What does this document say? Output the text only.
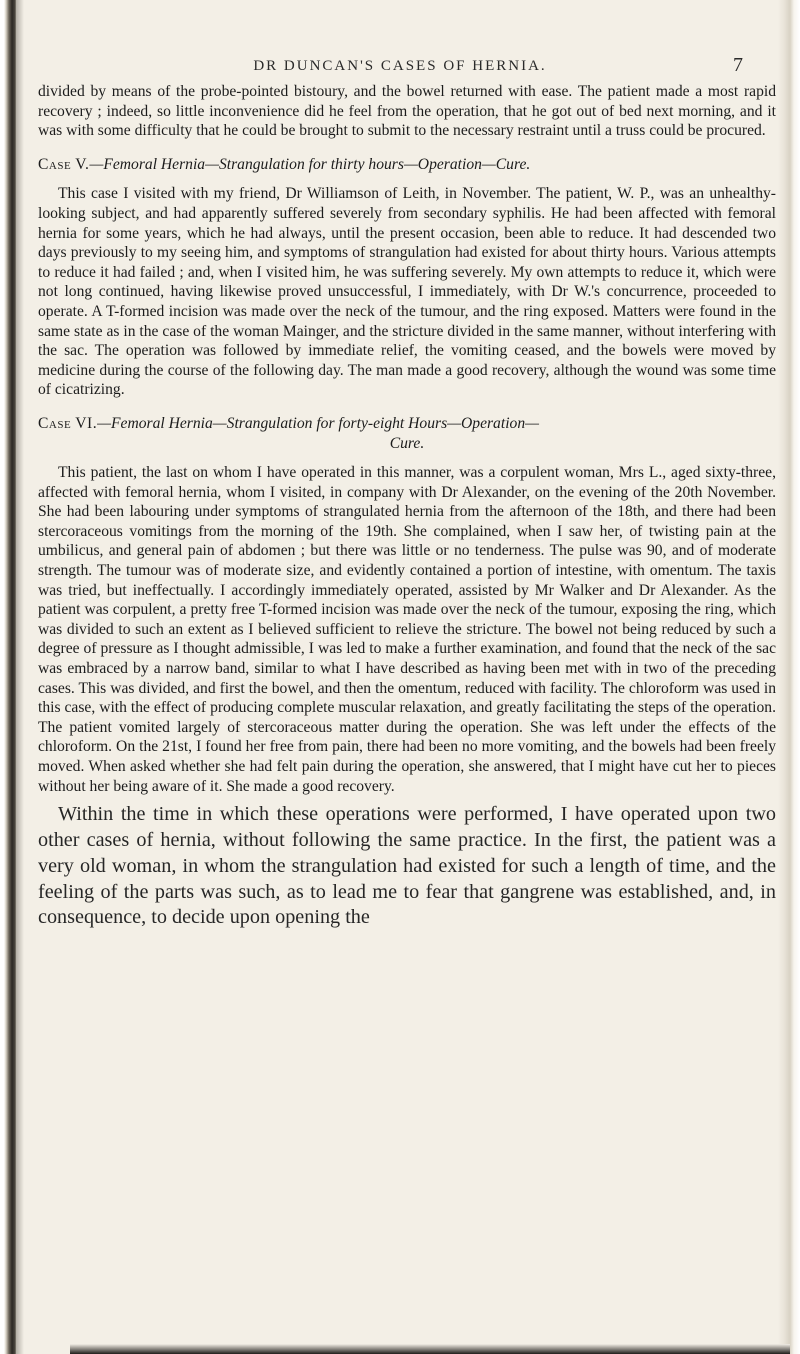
DR DUNCAN'S CASES OF HERNIA.	7

divided by means of the probe-pointed bistoury, and the bowel returned with ease. The patient made a most rapid recovery ; indeed, so little inconvenience did he feel from the operation, that he got out of bed next morning, and it was with some difficulty that he could be brought to submit to the necessary restraint until a truss could be procured.

Case V.—Femoral Hernia—Strangulation for thirty hours—Operation—Cure.

This case I visited with my friend, Dr Williamson of Leith, in November. The patient, W. P., was an unhealthy-looking subject, and had apparently suffered severely from secondary syphilis. He had been affected with femoral hernia for some years, which he had always, until the present occasion, been able to reduce. It had descended two days previously to my seeing him, and symptoms of strangulation had existed for about thirty hours. Various attempts to reduce it had failed ; and, when I visited him, he was suffering severely. My own attempts to reduce it, which were not long continued, having likewise proved unsuccessful, I immediately, with Dr W.'s concurrence, proceeded to operate. A T-formed incision was made over the neck of the tumour, and the ring exposed. Matters were found in the same state as in the case of the woman Mainger, and the stricture divided in the same manner, without interfering with the sac. The operation was followed by immediate relief, the vomiting ceased, and the bowels were moved by medicine during the course of the following day. The man made a good recovery, although the wound was some time of cicatrizing.

Case VI.—Femoral Hernia—Strangulation for forty-eight Hours—Operation—
Cure.

This patient, the last on whom I have operated in this manner, was a corpulent woman, Mrs L., aged sixty-three, affected with femoral hernia, whom I visited, in company with Dr Alexander, on the evening of the 20th November. She had been labouring under symptoms of strangulated hernia from the afternoon of the 18th, and there had been stercoraceous vomitings from the morning of the 19th. She complained, when I saw her, of twisting pain at the umbilicus, and general pain of abdomen ; but there was little or no tenderness. The pulse was 90, and of moderate strength. The tumour was of moderate size, and evidently contained a portion of intestine, with omentum. The taxis was tried, but ineffectually. I accordingly immediately operated, assisted by Mr Walker and Dr Alexander. As the patient was corpulent, a pretty free T-formed incision was made over the neck of the tumour, exposing the ring, which was divided to such an extent as I believed sufficient to relieve the stricture. The bowel not being reduced by such a degree of pressure as I thought admissible, I was led to make a further examination, and found that the neck of the sac was embraced by a narrow band, similar to what I have described as having been met with in two of the preceding cases. This was divided, and first the bowel, and then the omentum, reduced with facility. The chloroform was used in this case, with the effect of producing complete muscular relaxation, and greatly facilitating the steps of the operation. The patient vomited largely of stercoraceous matter during the operation. She was left under the effects of the chloroform. On the 21st, I found her free from pain, there had been no more vomiting, and the bowels had been freely moved. When asked whether she had felt pain during the operation, she answered, that I might have cut her to pieces without her being aware of it. She made a good recovery.

Within the time in which these operations were performed, I have operated upon two other cases of hernia, without following the same practice. In the first, the patient was a very old woman, in whom the strangulation had existed for such a length of time, and the feeling of the parts was such, as to lead me to fear that gangrene was established, and, in consequence, to decide upon opening the
